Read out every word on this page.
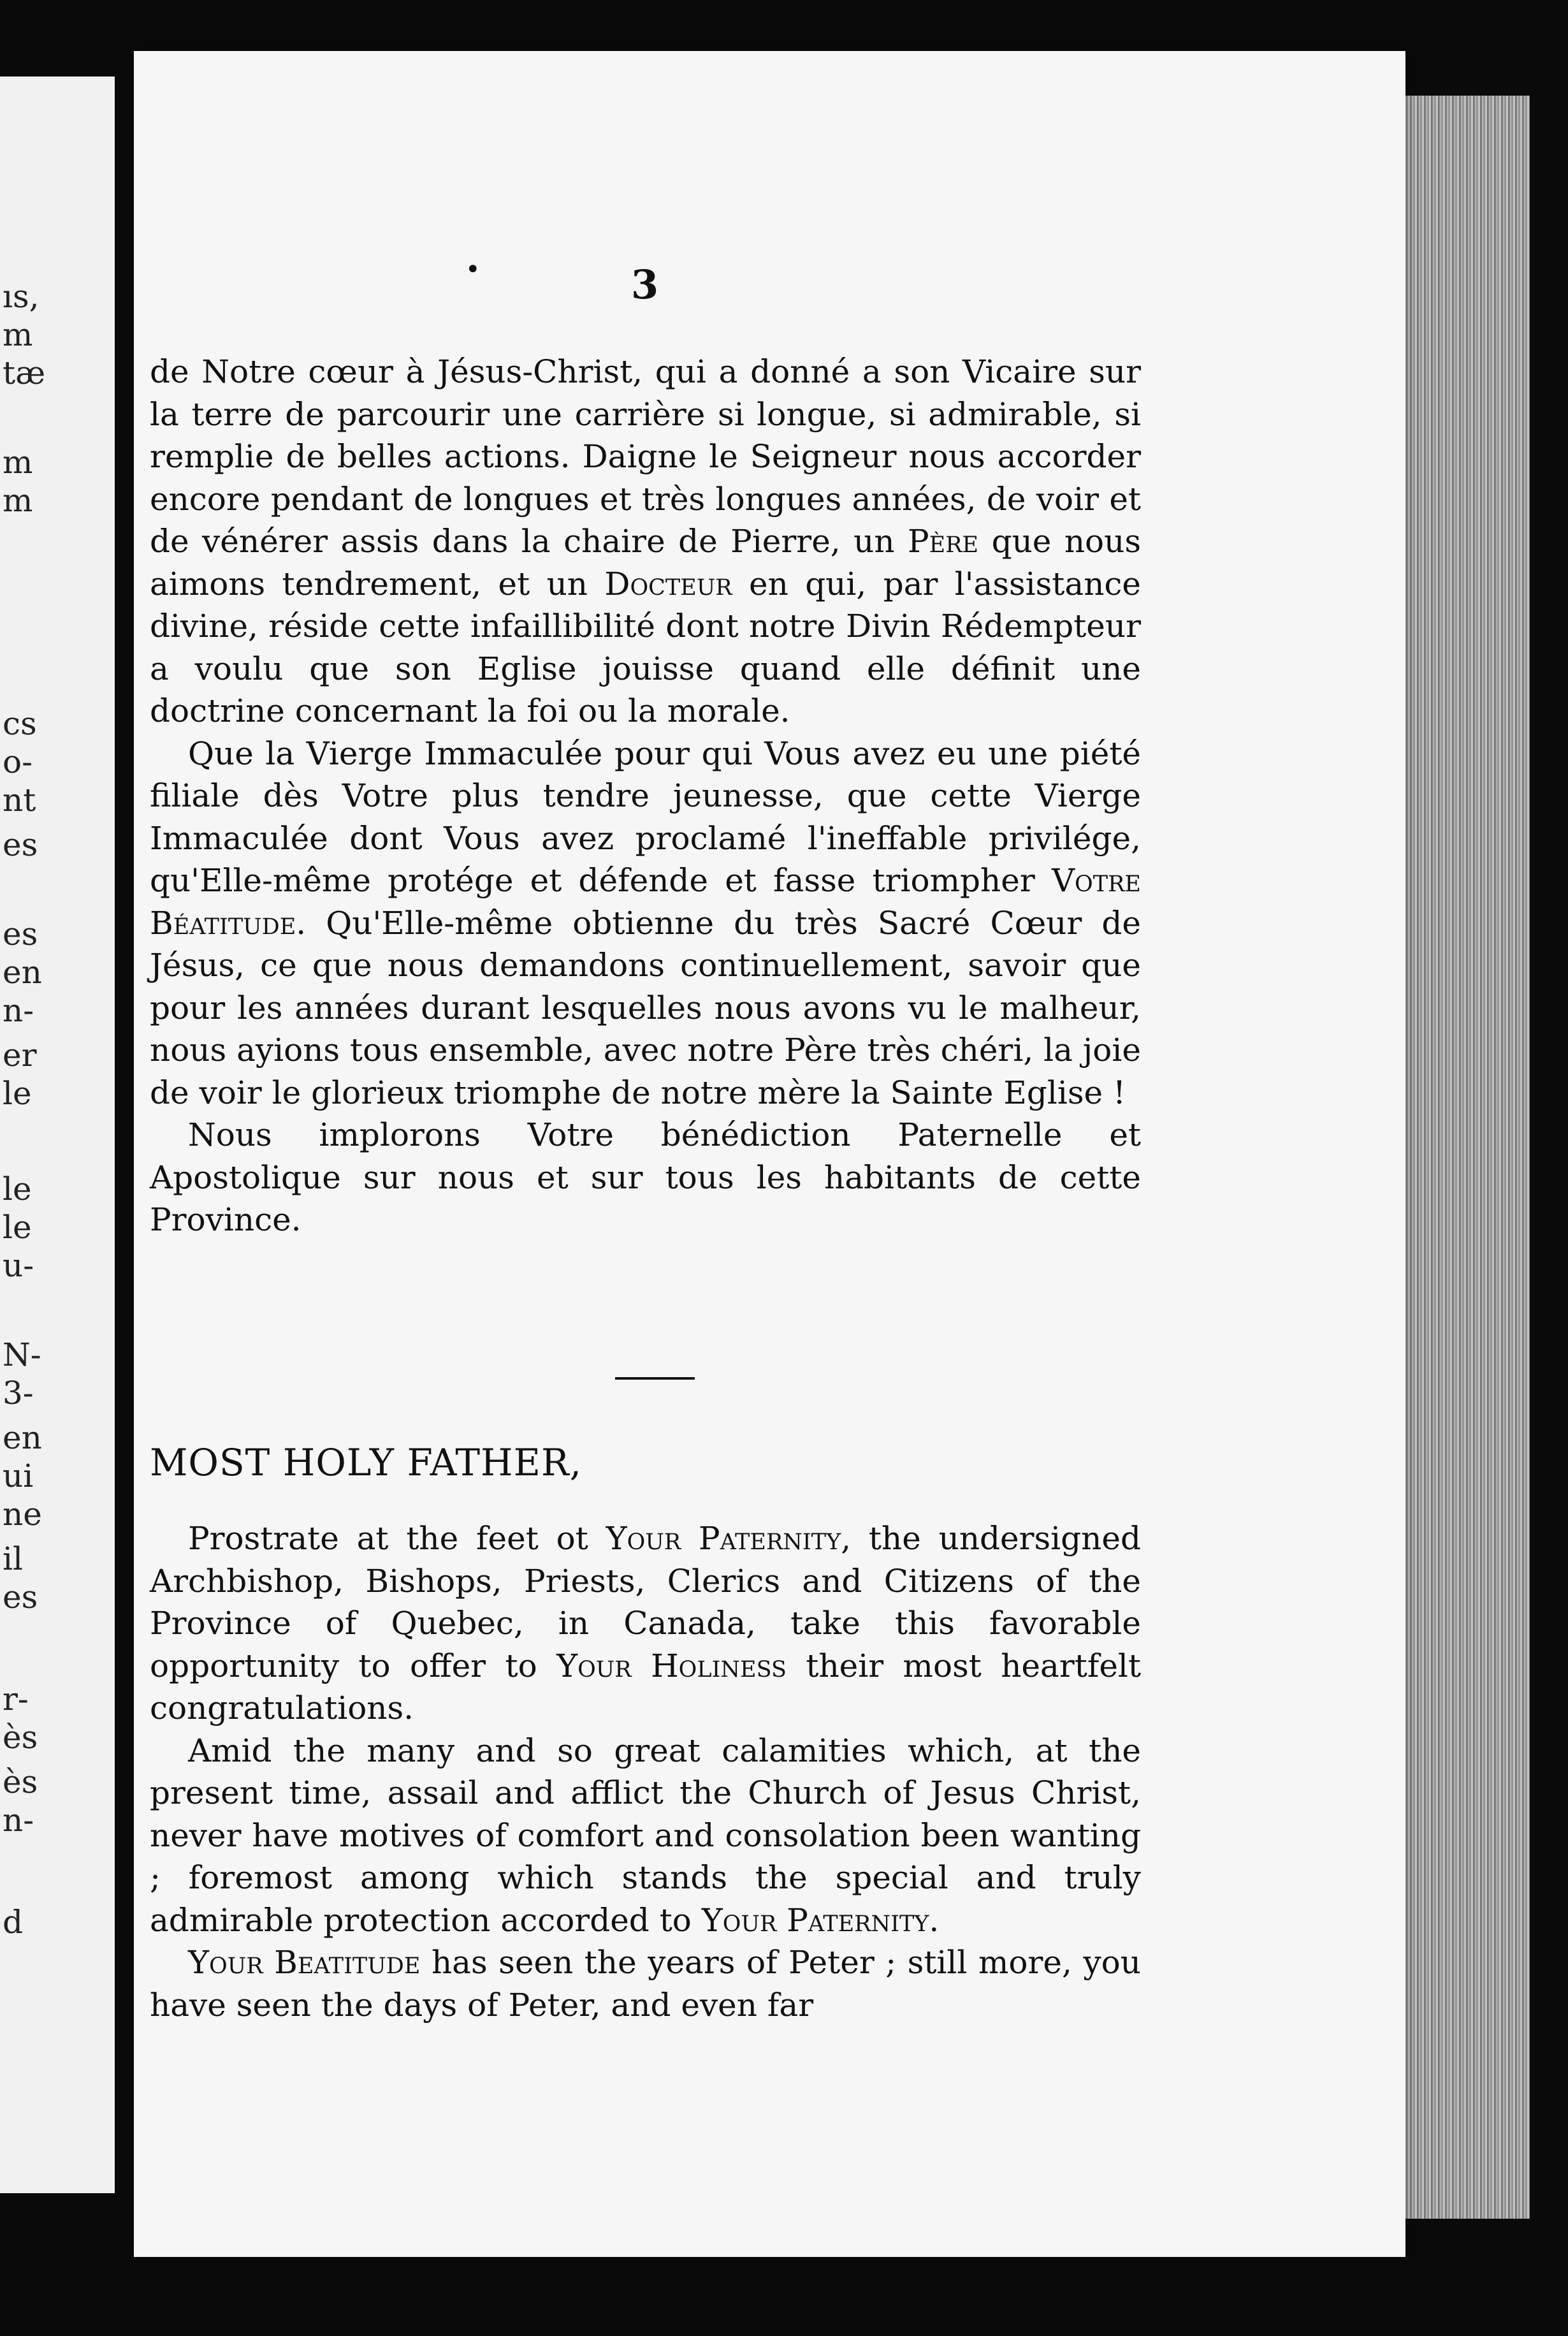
ıs,
m
tæ
m
m
cs
o-
nt
es
es
en
n-
er
le
le
le
u-
N-
3-
en
ui
ne
il
es
r-
ès
ès
n-
d
•	3

de Notre cœur à Jésus-Christ, qui a donné a son Vicaire sur la terre de parcourir une carrière si longue, si admirable, si remplie de belles actions. Daigne le Seigneur nous accorder encore pendant de longues et très longues années, de voir et de vénérer assis dans la chaire de Pierre, un Père que nous aimons tendrement, et un Docteur en qui, par l'assistance divine, réside cette infaillibilité dont notre Divin Rédempteur a voulu que son Eglise jouisse quand elle définit une doctrine concernant la foi ou la morale.

Que la Vierge Immaculée pour qui Vous avez eu une piété filiale dès Votre plus tendre jeunesse, que cette Vierge Immaculée dont Vous avez proclamé l'ineffable privilége, qu'Elle-même protége et défende et fasse triompher Votre Béatitude. Qu'Elle-même obtienne du très Sacré Cœur de Jésus, ce que nous demandons continuellement, savoir que pour les années durant lesquelles nous avons vu le malheur, nous ayions tous ensemble, avec notre Père très chéri, la joie de voir le glorieux triomphe de notre mère la Sainte Eglise !

Nous implorons Votre bénédiction Paternelle et Apostolique sur nous et sur tous les habitants de cette Province.

MOST HOLY FATHER,

Prostrate at the feet ot Your Paternity, the undersigned Archbishop, Bishops, Priests, Clerics and Citizens of the Province of Quebec, in Canada, take this favorable opportunity to offer to Your Holiness their most heartfelt congratulations.

Amid the many and so great calamities which, at the present time, assail and afflict the Church of Jesus Christ, never have motives of comfort and consolation been wanting ; foremost among which stands the special and truly admirable protection accorded to Your Paternity.

Your Beatitude has seen the years of Peter ; still more, you have seen the days of Peter, and even far
